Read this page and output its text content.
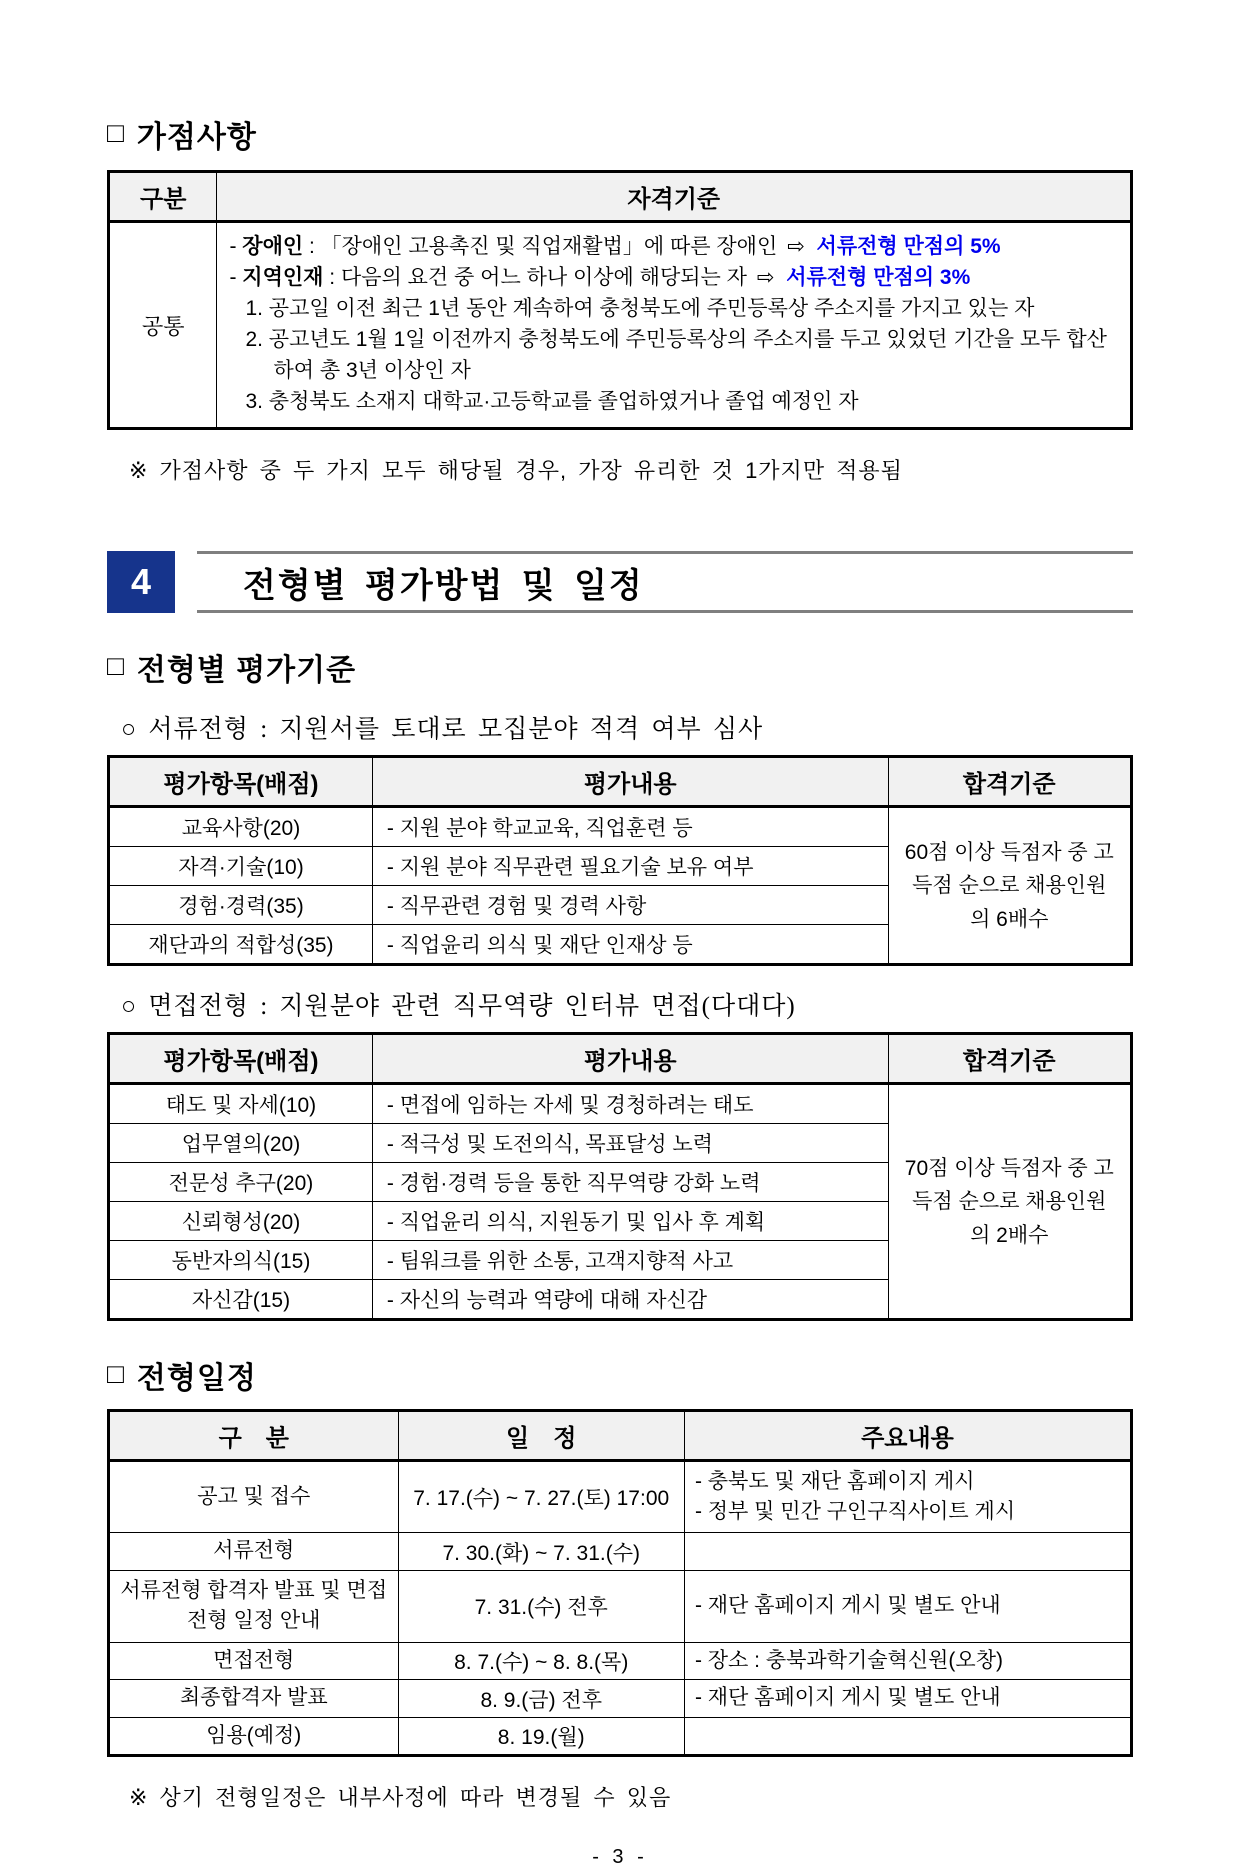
□ 가점사항
구분	자격기준
공통	- 장애인 : 「장애인 고용촉진 및 직업재활법」에 따른 장애인 ⇨ 서류전형 만점의 5%
- 지역인재 : 다음의 요건 중 어느 하나 이상에 해당되는 자 ⇨ 서류전형 만점의 3%
1. 공고일 이전 최근 1년 동안 계속하여 충청북도에 주민등록상 주소지를 가지고 있는 자
2. 공고년도 1월 1일 이전까지 충청북도에 주민등록상의 주소지를 두고 있었던 기간을 모두 합산하여 총 3년 이상인 자
3. 충청북도 소재지 대학교·고등학교를 졸업하였거나 졸업 예정인 자
※ 가점사항 중 두 가지 모두 해당될 경우, 가장 유리한 것 1가지만 적용됨
4	전형별 평가방법 및 일정
□ 전형별 평가기준
○ 서류전형 : 지원서를 토대로 모집분야 적격 여부 심사
평가항목(배점)	평가내용	합격기준
교육사항(20)	- 지원 분야 학교교육, 직업훈련 등	60점 이상 득점자 중 고득점 순으로 채용인원의 6배수
자격·기술(10)	- 지원 분야 직무관련 필요기술 보유 여부	
경험·경력(35)	- 직무관련 경험 및 경력 사항	
재단과의 적합성(35)	- 직업윤리 의식 및 재단 인재상 등	
○ 면접전형 : 지원분야 관련 직무역량 인터뷰 면접(다대다)
평가항목(배점)	평가내용	합격기준
태도 및 자세(10)	- 면접에 임하는 자세 및 경청하려는 태도	70점 이상 득점자 중 고득점 순으로 채용인원의 2배수
업무열의(20)	- 적극성 및 도전의식, 목표달성 노력	
전문성 추구(20)	- 경험·경력 등을 통한 직무역량 강화 노력	
신뢰형성(20)	- 직업윤리 의식, 지원동기 및 입사 후 계획	
동반자의식(15)	- 팀워크를 위한 소통, 고객지향적 사고	
자신감(15)	- 자신의 능력과 역량에 대해 자신감	
□ 전형일정
구　분	일　정	주요내용
공고 및 접수	7. 17.(수) ~ 7. 27.(토) 17:00	- 충북도 및 재단 홈페이지 게시
- 정부 및 민간 구인구직사이트 게시

서류전형	7. 30.(화) ~ 7. 31.(수)	
서류전형 합격자 발표 및 면접전형 일정 안내	7. 31.(수) 전후	- 재단 홈페이지 게시 및 별도 안내

면접전형	8. 7.(수) ~ 8. 8.(목)	- 장소 : 충북과학기술혁신원(오창)

최종합격자 발표	8. 9.(금) 전후	- 재단 홈페이지 게시 및 별도 안내

임용(예정)	8. 19.(월)	
※ 상기 전형일정은 내부사정에 따라 변경될 수 있음
- 3 -
